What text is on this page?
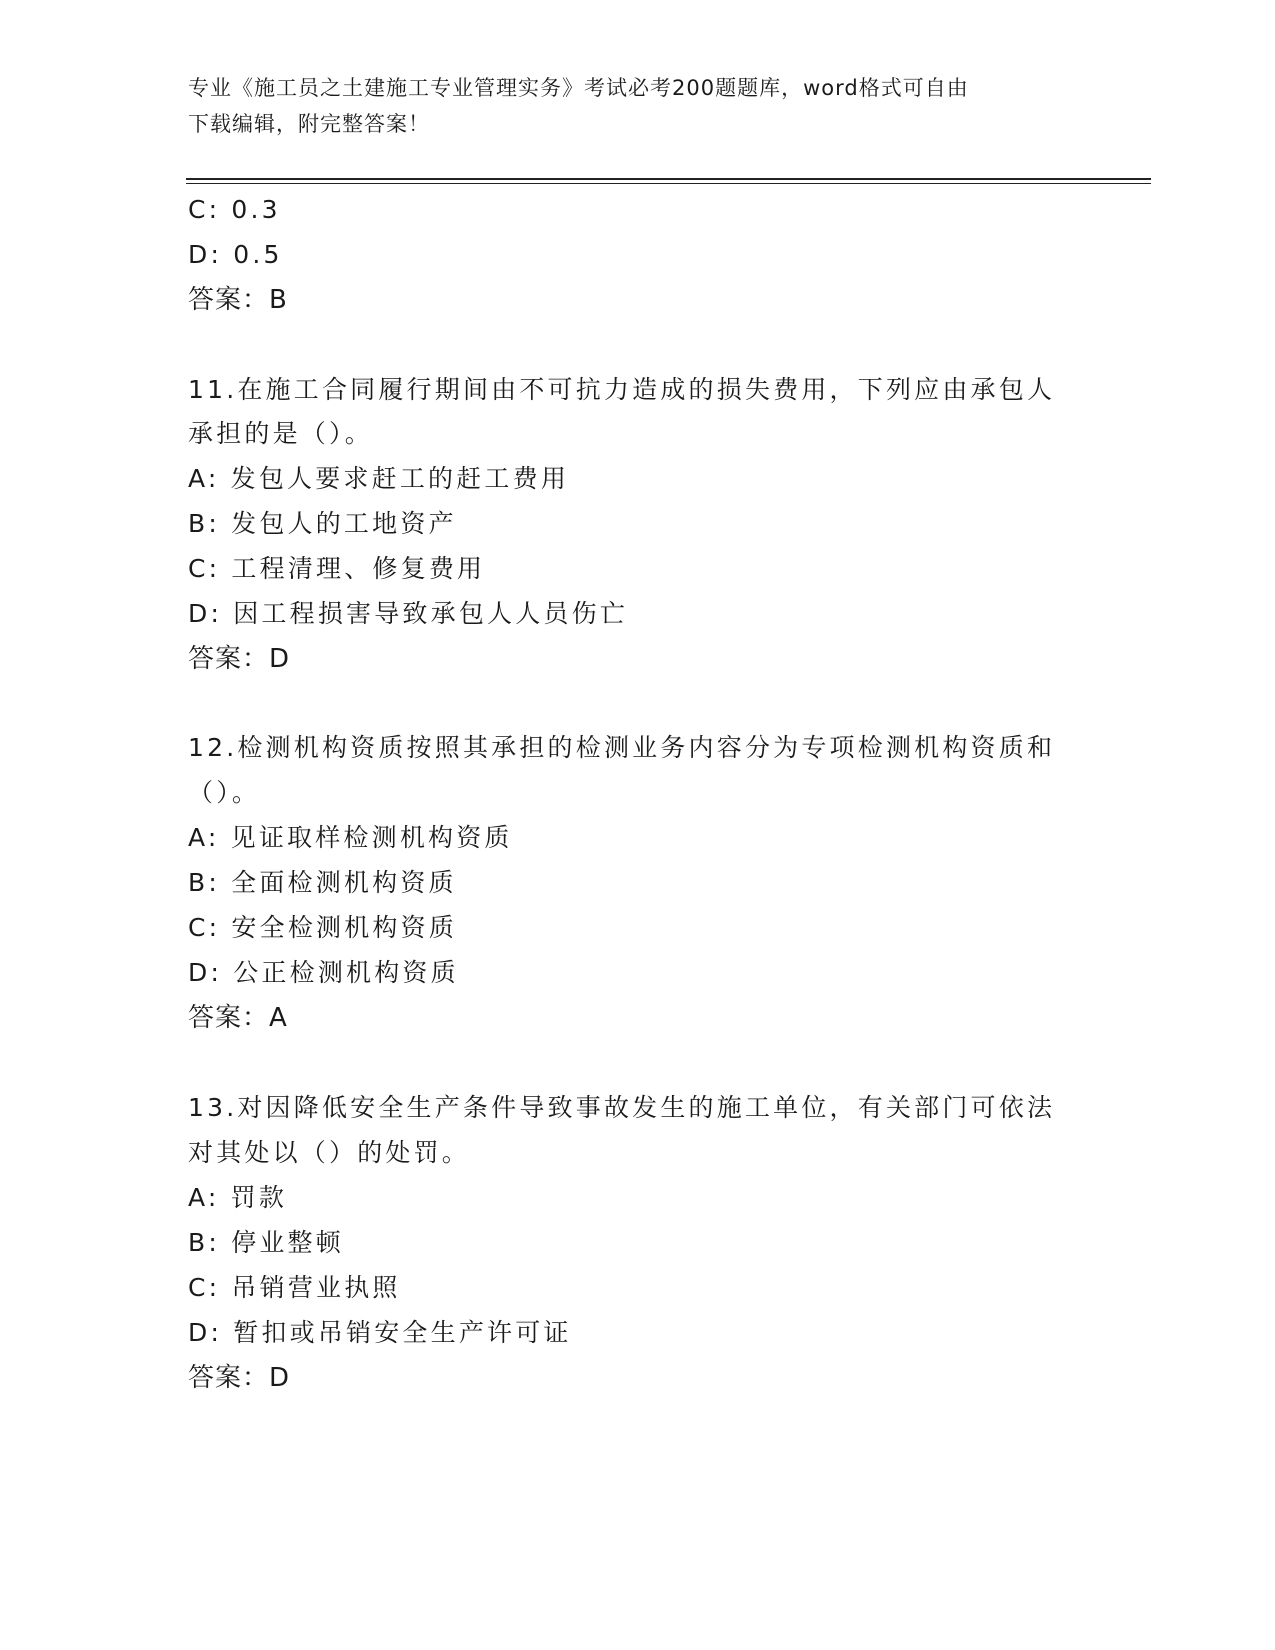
专业《施工员之土建施工专业管理实务》考试必考200题题库，word格式可自由
下载编辑，附完整答案！
C: 0.3
D: 0.5
答案：B
11.在施工合同履行期间由不可抗力造成的损失费用，下列应由承包人
承担的是（）。
A: 发包人要求赶工的赶工费用
B: 发包人的工地资产
C: 工程清理、修复费用
D: 因工程损害导致承包人人员伤亡
答案：D
12.检测机构资质按照其承担的检测业务内容分为专项检测机构资质和
（）。
A: 见证取样检测机构资质
B: 全面检测机构资质
C: 安全检测机构资质
D: 公正检测机构资质
答案：A
13.对因降低安全生产条件导致事故发生的施工单位，有关部门可依法
对其处以（）的处罚。
A: 罚款
B: 停业整顿
C: 吊销营业执照
D: 暂扣或吊销安全生产许可证
答案：D
